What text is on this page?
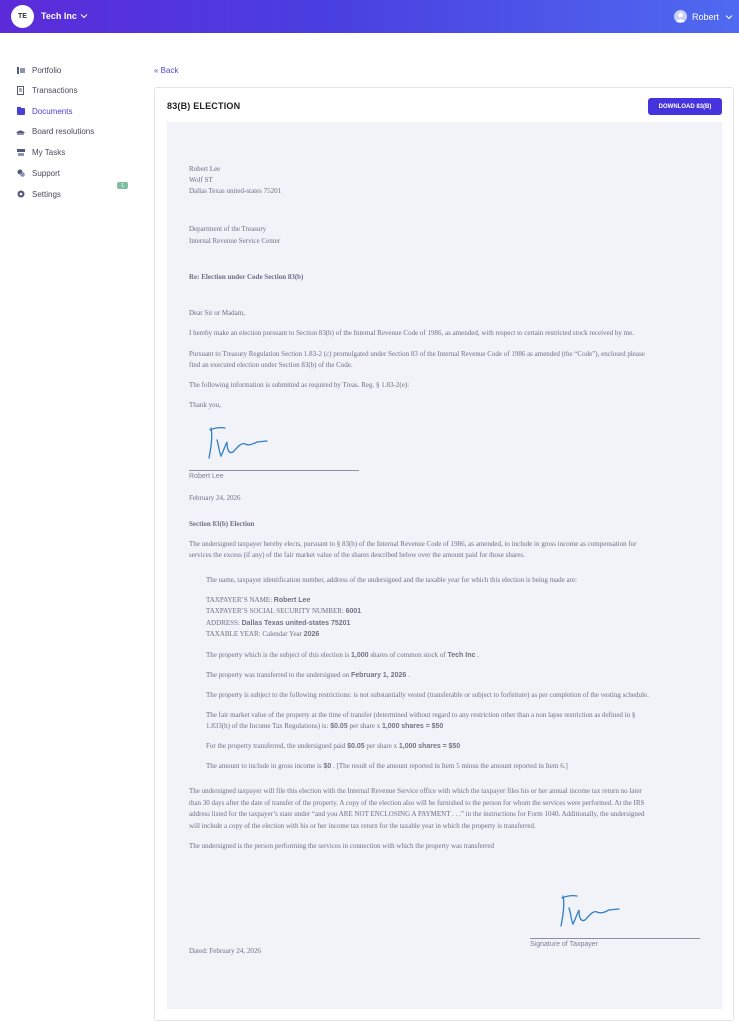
TE	Tech Inc	Robert
Portfolio
Transactions
Documents
Board resolutions
My Tasks
1
Support
Settings
« Back
83(B) ELECTION	DOWNLOAD 83(B)
Robert Lee
Wolf ST
Dallas Texas united-states 75201
Department of the Treasury
Internal Revenue Service Center
Re: Election under Code Section 83(b)
Dear Sir or Madam,
I hereby make an election pursuant to Section 83(b) of the Internal Revenue Code of 1986, as amended, with respect to certain restricted stock received by me.
Pursuant to Treasury Regulation Section 1.83-2 (c) promulgated under Section 83 of the Internal Revenue Code of 1986 as amended (the “Code”), enclosed please
find an executed election under Section 83(b) of the Code.
The following information is submitted as required by Treas. Reg. § 1.83-2(e):
Thank you,
Robert Lee
February 24, 2026
Section 83(b) Election
The undersigned taxpayer hereby elects, pursuant to § 83(b) of the Internal Revenue Code of 1986, as amended, to include in gross income as compensation for
services the excess (if any) of the fair market value of the shares described below over the amount paid for those shares.
The name, taxpayer identification number, address of the undersigned and the taxable year for which this election is being made are:
TAXPAYER’S NAME: Robert Lee
TAXPAYER’S SOCIAL SECURITY NUMBER: 6001
ADDRESS: Dallas Texas united-states 75201
TAXABLE YEAR: Calendar Year 2026
The property which is the subject of this election is 1,000 shares of common stock of Tech Inc .
The property was transferred to the undersigned on February 1, 2026 .
The property is subject to the following restrictions: is not substantially vested (transferable or subject to forfeiture) as per completion of the vesting schedule.
The fair market value of the property at the time of transfer (determined without regard to any restriction other than a non lapse restriction as defined in §
1.833(h) of the Income Tax Regulations) is: $0.05 per share x 1,000 shares = $50
For the property transferred, the undersigned paid $0.05 per share x 1,000 shares = $50
The amount to include in gross income is $0 . [The result of the amount reported in Item 5 minus the amount reported in Item 6.]
The undersigned taxpayer will file this election with the Internal Revenue Service office with which the taxpayer files his or her annual income tax return no later
than 30 days after the date of transfer of the property. A copy of the election also will be furnished to the person for whom the services were performed. At the IRS
address listed for the taxpayer’s state under “and you ARE NOT ENCLOSING A PAYMENT . . .” in the instructions for Form 1040. Additionally, the undersigned
will include a copy of the election with his or her income tax return for the taxable year in which the property is transferred.
The undersigned is the person performing the services in connection with which the property was transferred
Signature of Taxpayer
Dated: February 24, 2026
